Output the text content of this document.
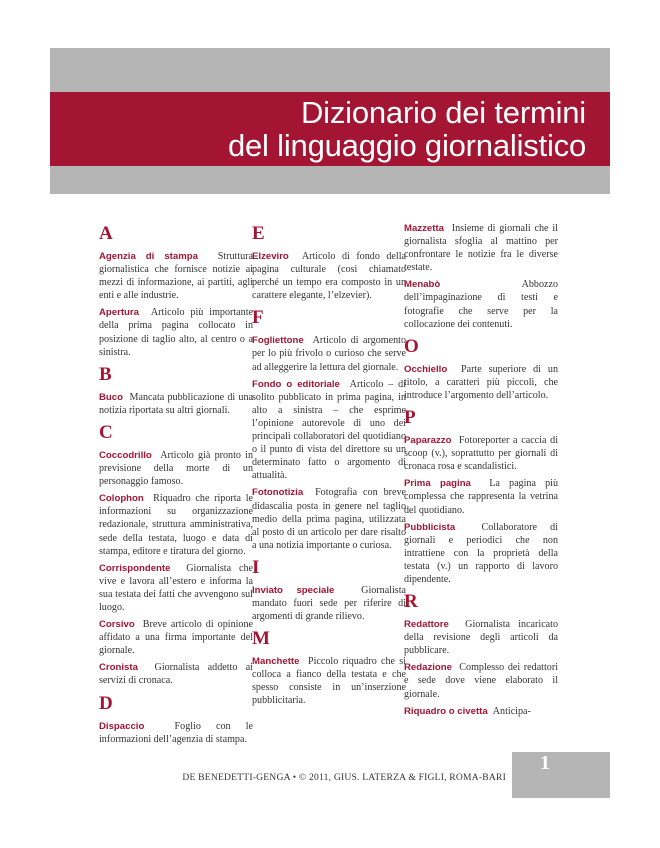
Dizionario dei termini
del linguaggio giornalistico
A
Agenzia di stampa Struttura giornalistica che fornisce notizie ai mezzi di informazione, ai partiti, agli enti e alle industrie.
Apertura Articolo più importante della prima pagina collocato in posizione di taglio alto, al centro o a sinistra.
B
Buco Mancata pubblicazione di una notizia riportata su altri giornali.
C
Coccodrillo Articolo già pronto in previsione della morte di un personaggio famoso.
Colophon Riquadro che riporta le informazioni su organizzazione redazionale, struttura amministrativa, sede della testata, luogo e data di stampa, editore e tiratura del giorno.
Corrispondente Giornalista che vive e lavora all’estero e informa la sua testata dei fatti che avvengono sul luogo.
Corsivo Breve articolo di opinione affidato a una firma importante del giornale.
Cronista Giornalista addetto ai servizi di cronaca.
D
Dispaccio	Foglio con le informazioni dell’agenzia di stampa.
E
Elzeviro Articolo di fondo della pagina culturale (così chiamato perché un tempo era composto in un carattere elegante, l’elzevier).
F
Fogliettone Articolo di argomento per lo più frivolo o curioso che serve ad alleggerire la lettura del giornale.
Fondo o editoriale Articolo – di solito pubblicato in prima pagina, in alto a sinistra – che esprime l’opinione autorevole di uno dei principali collaboratori del quotidiano o il punto di vista del direttore su un determinato fatto o argomento di attualità.
Fotonotizia Fotografia con breve didascalia posta in genere nel taglio medio della prima pagina, utilizzata al posto di un articolo per dare risalto a una notizia importante o curiosa.
I
Inviato speciale	Giornalista mandato fuori sede per riferire di argomenti di grande rilievo.
M
Manchette Piccolo riquadro che si colloca a fianco della testata e che spesso consiste in un’inserzione pubblicitaria.
Mazzetta Insieme di giornali che il giornalista sfoglia al mattino per confrontare le notizie fra le diverse testate.
Menabò	Abbozzo dell’impaginazione di testi e fotografie che serve per la collocazione dei contenuti.
O
Occhiello Parte superiore di un titolo, a caratteri più piccoli, che introduce l’argomento dell’articolo.
P
Paparazzo Fotoreporter a caccia di scoop (v.), soprattutto per giornali di cronaca rosa e scandalistici.
Prima pagina La pagina più complessa che rappresenta la vetrina del quotidiano.
Pubblicista	Collaboratore di giornali e periodici che non intrattiene con la proprietà della testata (v.) un rapporto di lavoro dipendente.
R
Redattore Giornalista incaricato della revisione degli articoli da pubblicare.
Redazione Complesso dei redattori e sede dove viene elaborato il giornale.
Riquadro o civetta Anticipa-
DE BENEDETTI-GENGA • © 2011, GIUS. LATERZA & FIGLI, ROMA-BARI
1
